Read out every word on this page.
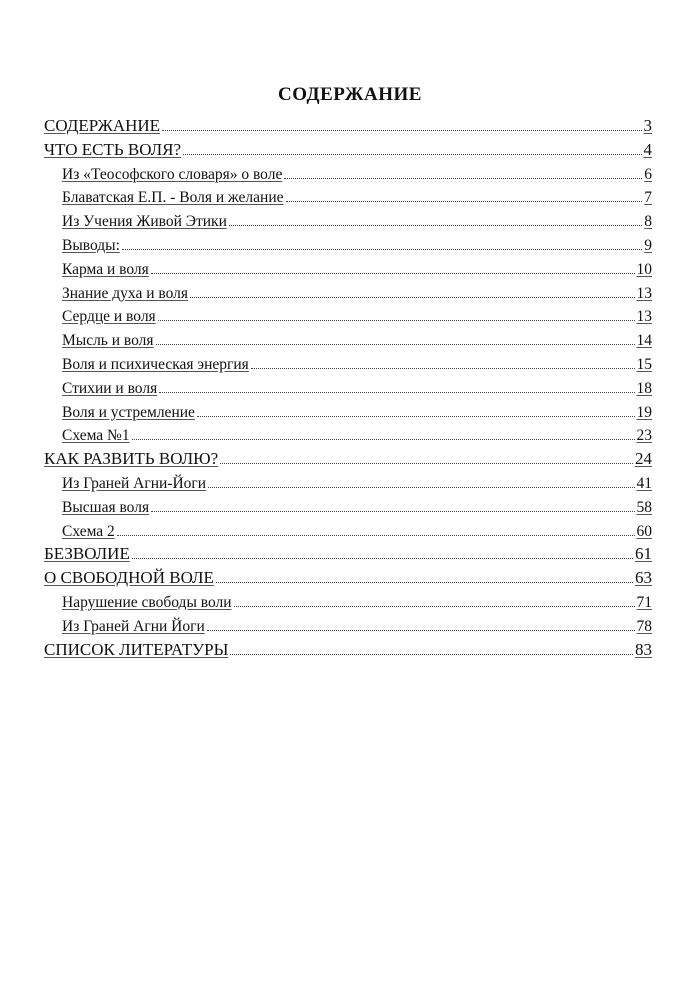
СОДЕРЖАНИЕ
СОДЕРЖАНИЕ	3
ЧТО ЕСТЬ ВОЛЯ?	4
Из «Теософского словаря» о воле	6
Блаватская Е.П. - Воля и желание	7
Из Учения Живой Этики	8
Выводы:	9
Карма и воля	10
Знание духа и воля	13
Сердце и воля	13
Мысль и воля	14
Воля и психическая энергия	15
Стихии и воля	18
Воля и устремление	19
Схема №1	23
КАК РАЗВИТЬ ВОЛЮ?	24
Из Граней Агни-Йоги	41
Высшая воля	58
Схема 2	60
БЕЗВОЛИЕ	61
О СВОБОДНОЙ ВОЛЕ	63
Нарушение свободы воли	71
Из Граней Агни Йоги	78
СПИСОК ЛИТЕРАТУРЫ	83
